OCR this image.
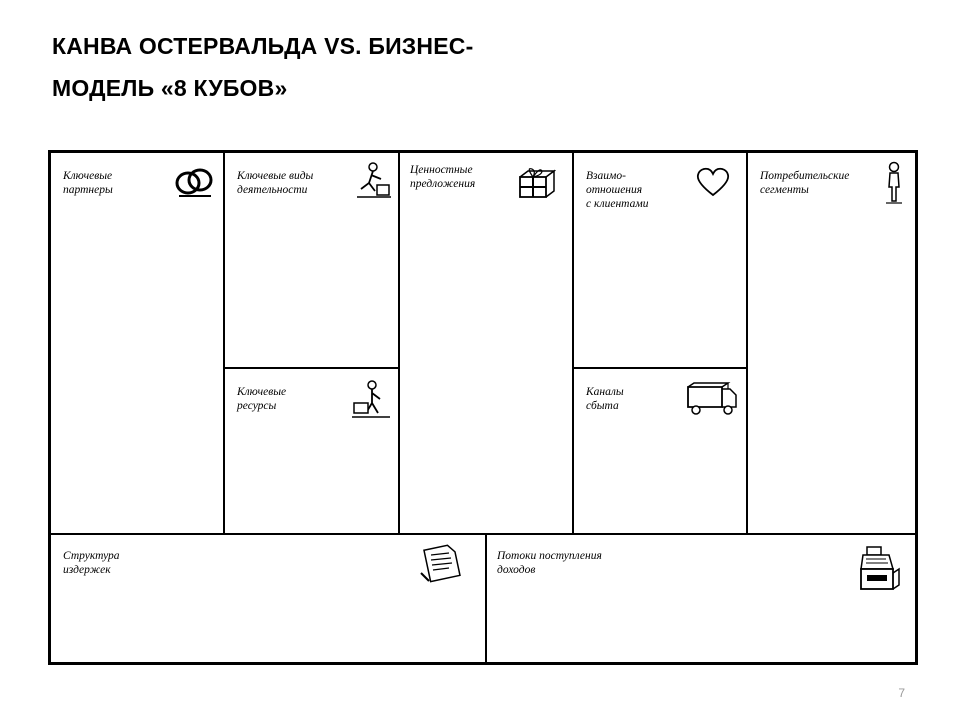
КАНВА ОСТЕРВАЛЬДА VS. БИЗНЕС-
МОДЕЛЬ «8 КУБОВ»
Ключевые
партнеры
Ключевые виды
деятельности
Ключевые
ресурсы
Ценностные
предложения
Взаимо-
отношения
с клиентами
Каналы
сбыта
Потребительские
сегменты
Структура
издержек
Потоки поступления
доходов
7
